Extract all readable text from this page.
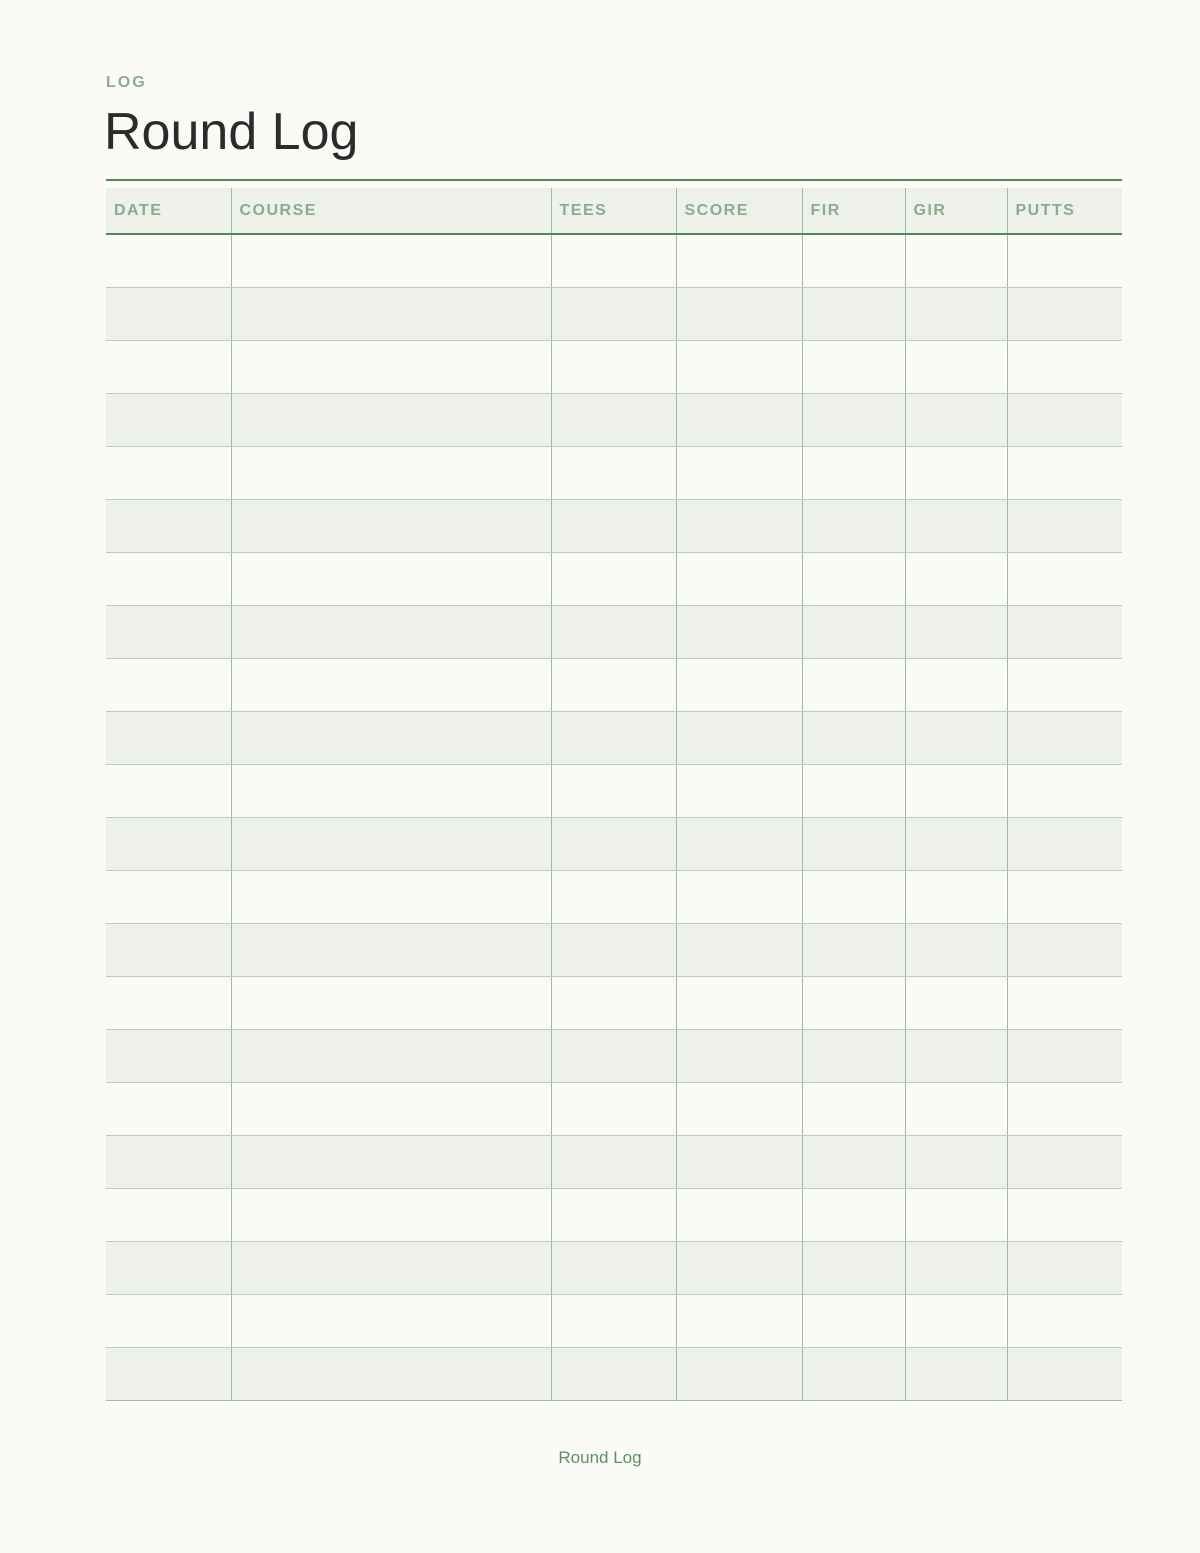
LOG
Round Log
DATE	COURSE	TEES	SCORE	FIR	GIR	PUTTS

Round Log
